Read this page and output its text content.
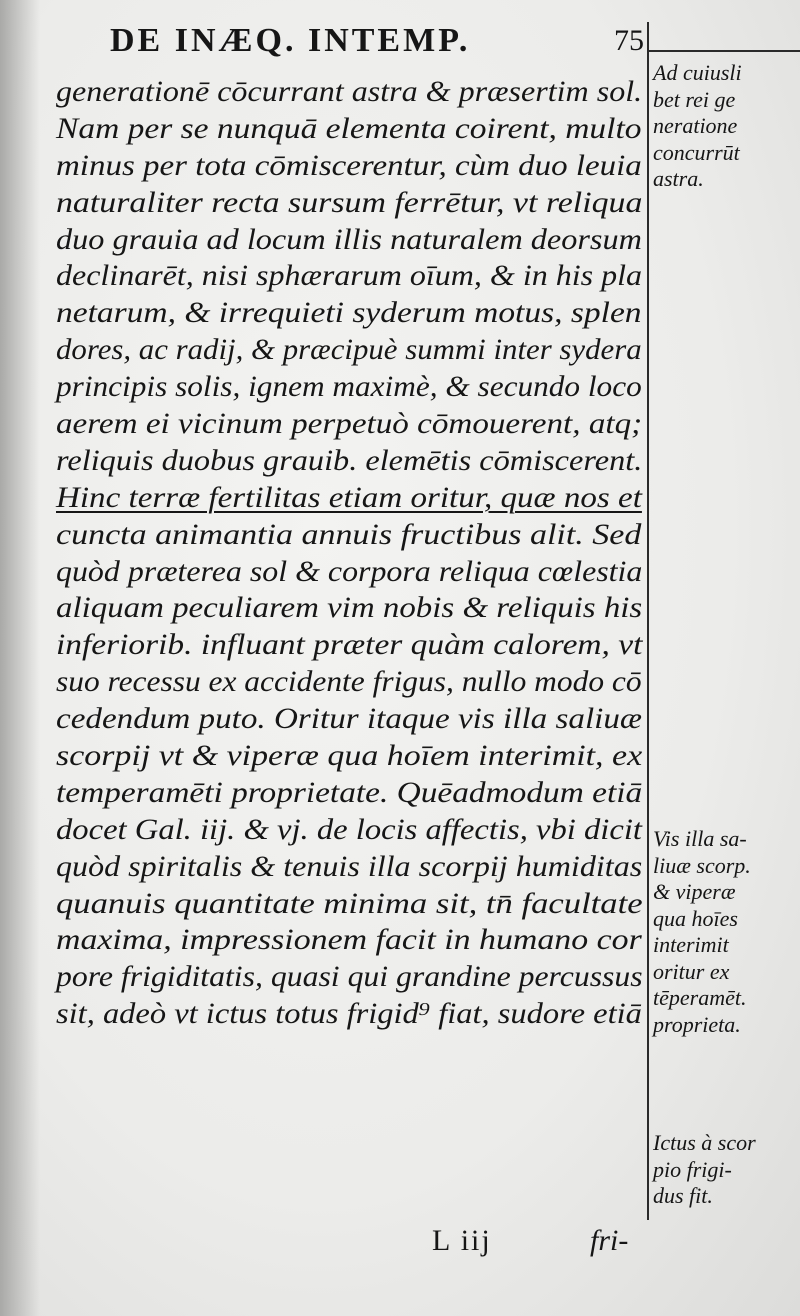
DE INÆQ. INTEMP.	75
generationē cōcurrant astra & præsertim sol.
Nam per se nunquā elementa coirent, multo
minus per tota cōmiscerentur, cùm duo leuia
naturaliter recta sursum ferrētur, vt reliqua
duo grauia ad locum illis naturalem deorsum
declinarēt, nisi sphærarum oīum, & in his pla
netarum, & irrequieti syderum motus, splen
dores, ac radij, & præcipuè summi inter sydera
principis solis, ignem maximè, & secundo loco
aerem ei vicinum perpetuò cōmouerent, atq;
reliquis duobus grauib. elemētis cōmiscerent.
Hinc terræ fertilitas etiam oritur, quæ nos et
cuncta animantia annuis fructibus alit. Sed
quòd præterea sol & corpora reliqua cœlestia
aliquam peculiarem vim nobis & reliquis his
inferiorib. influant præter quàm calorem, vt
suo recessu ex accidente frigus, nullo modo cō
cedendum puto. Oritur itaque vis illa saliuæ
scorpij vt & viperæ qua hoīem interimit, ex
temperamēti proprietate. Quēadmodum etiā
docet Gal. iij. & vj. de locis affectis, vbi dicit
quòd spiritalis & tenuis illa scorpij humiditas
quanuis quantitate minima sit, tn̄ facultate
maxima, impressionem facit in humano cor
pore frigiditatis, quasi qui grandine percussus
sit, adeò vt ictus totus frigid⁹ fiat, sudore etiā
Ad cuiusli
bet rei ge
neratione
concurrūt
astra.
Vis illa sa-
liuæ scorp.
& viperæ
qua hoīes
interimit
oritur ex
tēperamēt.
proprieta.
Ictus à scor
pio frigi-
dus fit.
L iij	fri-
